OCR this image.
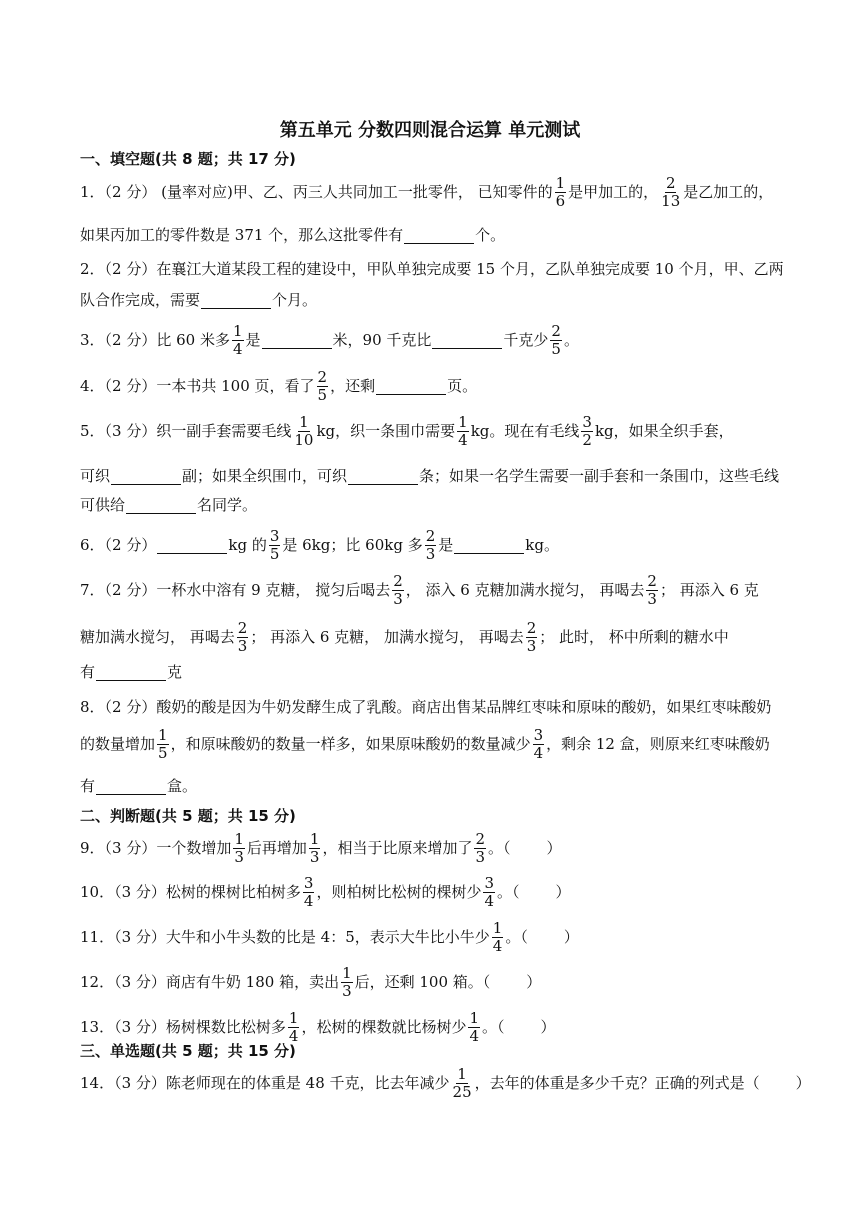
第五单元 分数四则混合运算 单元测试
一、填空题(共 8 题；共 17 分)
1．（2 分） (量率对应)甲、乙、丙三人共同加工一批零件， 已知零件的 $\frac{1}{6}$ 是甲加工的， $\frac{2}{13}$ 是乙加工的，
如果丙加工的零件数是 371 个，那么这批零件有	个。
2．（2 分）在襄江大道某段工程的建设中，甲队单独完成要 15 个月，乙队单独完成要 10 个月，甲、乙两
队合作完成，需要	个月。
3．（2 分）比 60 米多 $\frac{1}{4}$ 是	米，90 千克比	千克少 $\frac{2}{5}$ 。
4．（2 分）一本书共 100 页，看了 $\frac{2}{5}$ ，还剩	页。
5．（3 分）织一副手套需要毛线 $\frac{1}{10}$ kg，织一条围巾需要 $\frac{1}{4}$ kg。现在有毛线 $\frac{3}{2}$ kg，如果全织手套，
可织	副；如果全织围巾，可织	条；如果一名学生需要一副手套和一条围巾，这些毛线
可供给	名同学。
6．（2 分）	kg 的 $\frac{3}{5}$ 是 6kg；比 60kg 多 $\frac{2}{3}$ 是	kg。
7．（2 分）一杯水中溶有 9 克糖， 搅匀后喝去 $\frac{2}{3}$ ， 添入 6 克糖加满水搅匀， 再喝去 $\frac{2}{3}$ ； 再添入 6 克
糖加满水搅匀， 再喝去 $\frac{2}{3}$ ； 再添入 6 克糖， 加满水搅匀， 再喝去 $\frac{2}{3}$ ； 此时， 杯中所剩的糖水中
有	克
8．（2 分）酸奶的酸是因为牛奶发酵生成了乳酸。商店出售某品牌红枣味和原味的酸奶，如果红枣味酸奶
的数量增加 $\frac{1}{5}$ ，和原味酸奶的数量一样多，如果原味酸奶的数量减少 $\frac{3}{4}$ ，剩余 12 盒，则原来红枣味酸奶
有	盒。
二、判断题(共 5 题；共 15 分)
9．（3 分）一个数增加 $\frac{1}{3}$ 后再增加 $\frac{1}{3}$ ，相当于比原来增加了 $\frac{2}{3}$ 。（ ）
10．（3 分）松树的棵树比柏树多 $\frac{3}{4}$ ，则柏树比松树的棵树少 $\frac{3}{4}$ 。（ ）
11．（3 分）大牛和小牛头数的比是 4：5，表示大牛比小牛少 $\frac{1}{4}$ 。（ ）
12．（3 分）商店有牛奶 180 箱，卖出 $\frac{1}{3}$ 后，还剩 100 箱。（ ）
13．（3 分）杨树棵数比松树多 $\frac{1}{4}$ ，松树的棵数就比杨树少 $\frac{1}{4}$ 。（ ）
三、单选题(共 5 题；共 15 分)
14．（3 分）陈老师现在的体重是 48 千克，比去年减少 $\frac{1}{25}$ ，去年的体重是多少千克？正确的列式是（ ）
